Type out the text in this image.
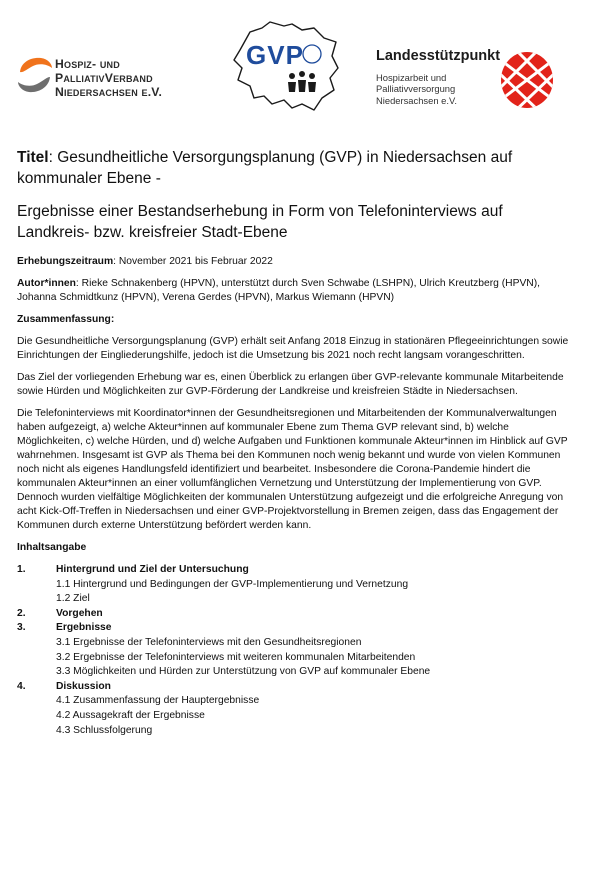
Hospiz- und
PalliativVerband
Niedersachsen e.V.
GVP	Landesstützpunkt
Hospizarbeit und
Palliativversorgung
Niedersachsen e.V.
Titel: Gesundheitliche Versorgungsplanung (GVP) in Niedersachsen auf kommunaler Ebene -
Ergebnisse einer Bestandserhebung in Form von Telefoninterviews auf Landkreis- bzw. kreisfreier Stadt-Ebene
Erhebungszeitraum: November 2021 bis Februar 2022
Autor*innen: Rieke Schnakenberg (HPVN), unterstützt durch Sven Schwabe (LSHPN), Ulrich Kreutzberg (HPVN), Johanna Schmidtkunz (HPVN), Verena Gerdes (HPVN), Markus Wiemann (HPVN)
Zusammenfassung:

Die Gesundheitliche Versorgungsplanung (GVP) erhält seit Anfang 2018 Einzug in stationären Pflegeeinrichtungen sowie Einrichtungen der Eingliederungshilfe, jedoch ist die Umsetzung bis 2021 noch recht langsam vorangeschritten.

Das Ziel der vorliegenden Erhebung war es, einen Überblick zu erlangen über GVP-relevante kommunale Mitarbeitende sowie Hürden und Möglichkeiten zur GVP-Förderung der Landkreise und kreisfreien Städte in Niedersachsen.

Die Telefoninterviews mit Koordinator*innen der Gesundheitsregionen und Mitarbeitenden der Kommunalverwaltungen haben aufgezeigt, a) welche Akteur*innen auf kommunaler Ebene zum Thema GVP relevant sind, b) welche Möglichkeiten, c) welche Hürden, und d) welche Aufgaben und Funktionen kommunale Akteur*innen im Hinblick auf GVP wahrnehmen. Insgesamt ist GVP als Thema bei den Kommunen noch wenig bekannt und wurde von vielen Kommunen noch nicht als eigenes Handlungsfeld identifiziert und bearbeitet. Insbesondere die Corona-Pandemie hindert die kommunalen Akteur*innen an einer vollumfänglichen Vernetzung und Unterstützung der Implementierung von GVP. Dennoch wurden vielfältige Möglichkeiten der kommunalen Unterstützung aufgezeigt und die erfolgreiche Anregung von acht Kick-Off-Treffen in Niedersachsen und einer GVP-Projektvorstellung in Bremen zeigen, dass das Engagement der Kommunen durch externe Unterstützung befördert werden kann.

Inhaltsangabe
1.	Hintergrund und Ziel der Untersuchung
1.1 Hintergrund und Bedingungen der GVP-Implementierung und Vernetzung
1.2 Ziel
2.	Vorgehen
3.	Ergebnisse
3.1 Ergebnisse der Telefoninterviews mit den Gesundheitsregionen
3.2 Ergebnisse der Telefoninterviews mit weiteren kommunalen Mitarbeitenden
3.3 Möglichkeiten und Hürden zur Unterstützung von GVP auf kommunaler Ebene
4.	Diskussion
4.1 Zusammenfassung der Hauptergebnisse
4.2 Aussagekraft der Ergebnisse
4.3 Schlussfolgerung
